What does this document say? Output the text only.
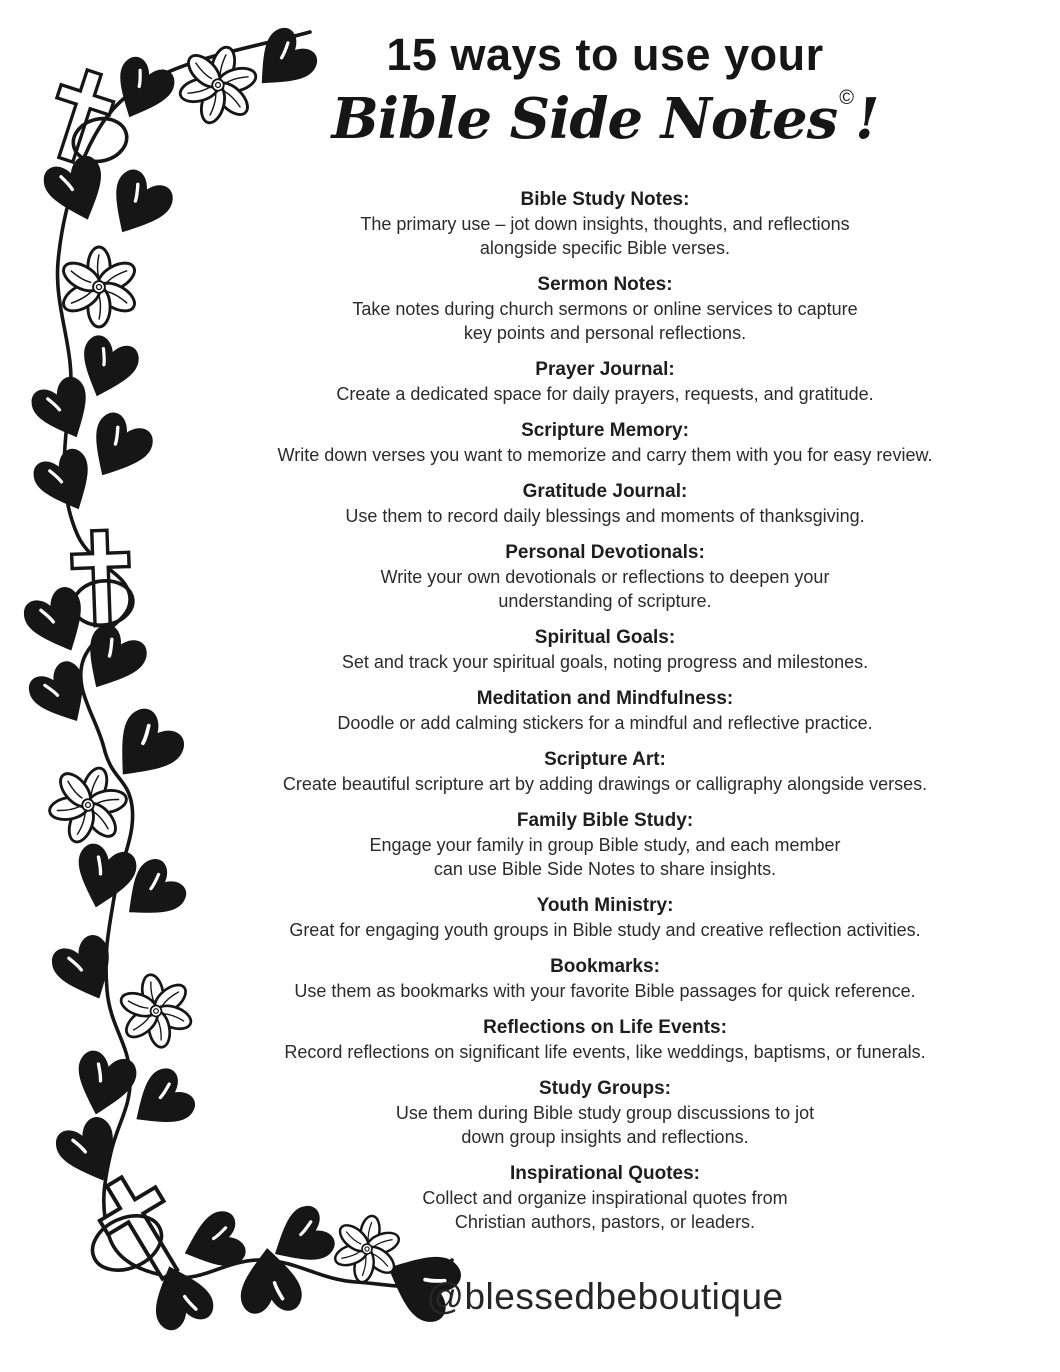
15 ways to use your
Bible Side Notes ©!
Bible Study Notes:

The primary use – jot down insights, thoughts, and reflections

alongside specific Bible verses.

Sermon Notes:

Take notes during church sermons or online services to capture

key points and personal reflections.

Prayer Journal:

Create a dedicated space for daily prayers, requests, and gratitude.

Scripture Memory:

Write down verses you want to memorize and carry them with you for easy review.

Gratitude Journal:

Use them to record daily blessings and moments of thanksgiving.

Personal Devotionals:

Write your own devotionals or reflections to deepen your

understanding of scripture.

Spiritual Goals:

Set and track your spiritual goals, noting progress and milestones.

Meditation and Mindfulness:

Doodle or add calming stickers for a mindful and reflective practice.

Scripture Art:

Create beautiful scripture art by adding drawings or calligraphy alongside verses.

Family Bible Study:

Engage your family in group Bible study, and each member

can use Bible Side Notes to share insights.

Youth Ministry:

Great for engaging youth groups in Bible study and creative reflection activities.

Bookmarks:

Use them as bookmarks with your favorite Bible passages for quick reference.

Reflections on Life Events:

Record reflections on significant life events, like weddings, baptisms, or funerals.

Study Groups:

Use them during Bible study group discussions to jot

down group insights and reflections.

Inspirational Quotes:

Collect and organize inspirational quotes from

Christian authors, pastors, or leaders.

@blessedbeboutique
